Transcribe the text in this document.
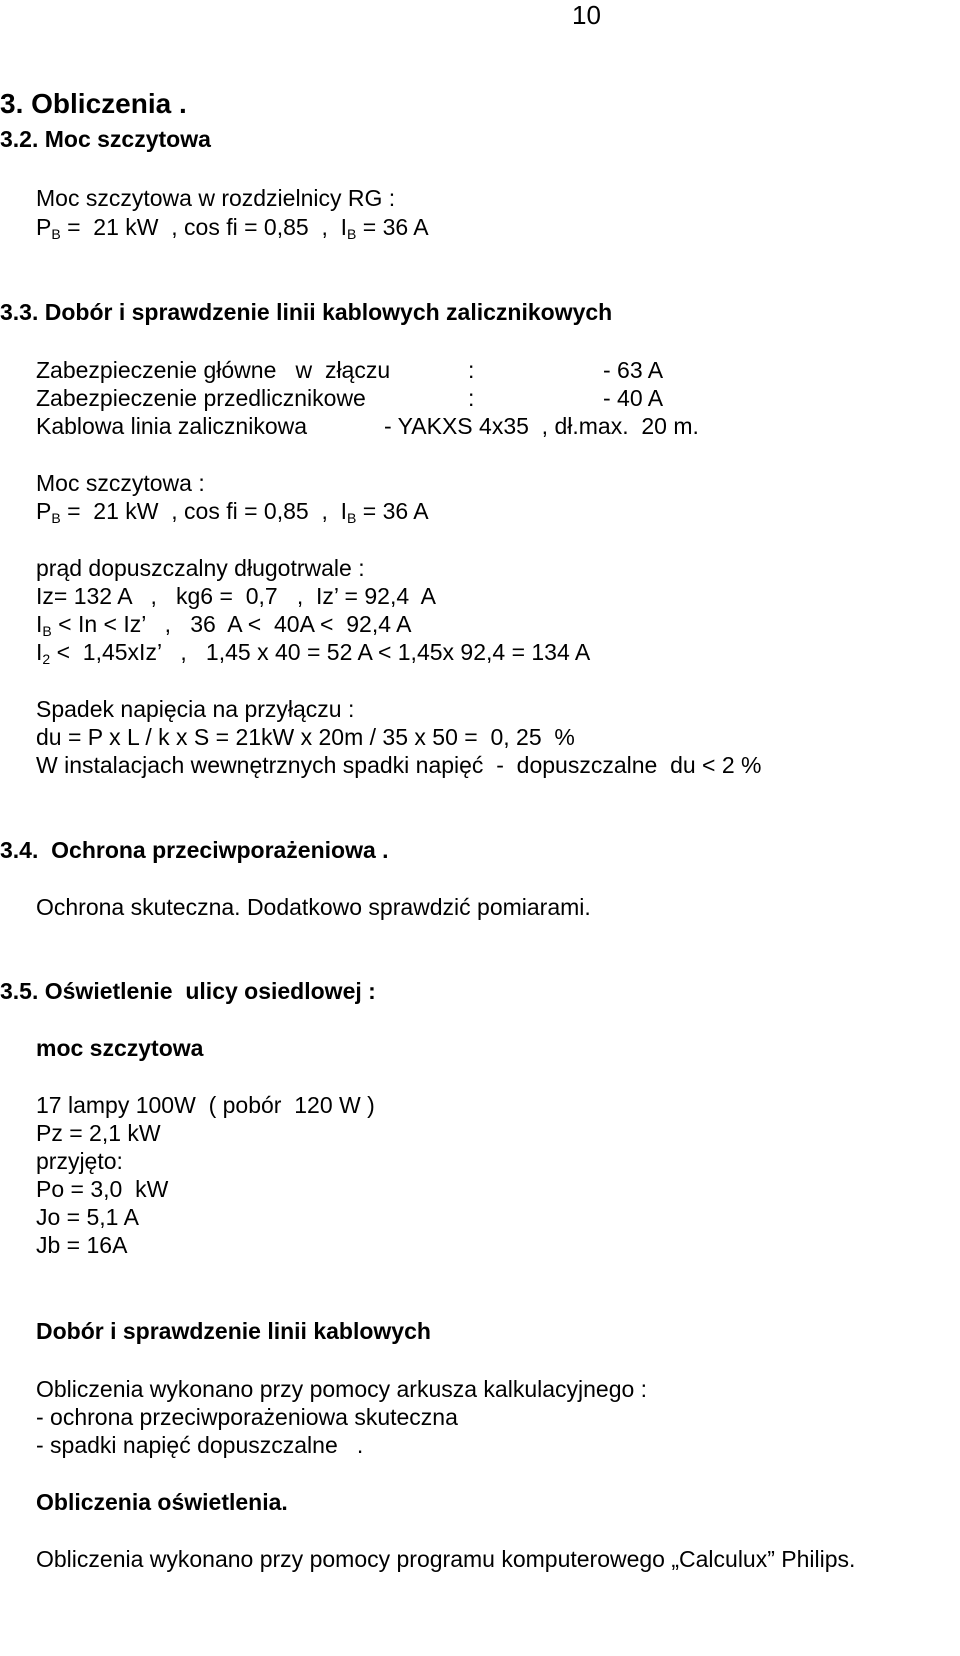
10
3. Obliczenia .
3.2. Moc szczytowa
Moc szczytowa w rozdzielnicy RG :
$P_B = 21$ kW  , cos fi = 0,85  ,  $I_B = 36$ A
3.3. Dobór i sprawdzenie linii kablowych zalicznikowych
Zabezpieczenie główne   w  złączu	:	- 63 A
Zabezpieczenie przedlicznikowe	:	- 40 A
Kablowa linia zalicznikowa	- YAKXS 4x35  , dł.max.  20 m.
Moc szczytowa :
$P_B = 21$ kW  , cos fi = 0,85  ,  $I_B = 36$ A
prąd dopuszczalny długotrwale :
Iz= 132 A   ,   kg6 =  0,7   ,  Iz’ = 92,4  A
$I_B < In < Iz$’   ,   36  A <  40A <  92,4 A
$I_2 < 1,45xIz$’   ,   1,45 x 40 = 52 A < 1,45x 92,4 = 134 A
Spadek napięcia na przyłączu :
du = P x L / k x S = 21kW x 20m / 35 x 50 =  0, 25  %
W instalacjach wewnętrznych spadki napięć  -  dopuszczalne  du < 2 %
3.4.  Ochrona przeciwporażeniowa .
Ochrona skuteczna. Dodatkowo sprawdzić pomiarami.
3.5. Oświetlenie  ulicy osiedlowej :
moc szczytowa
17 lampy 100W  ( pobór  120 W )
Pz = 2,1 kW
przyjęto:
Po = 3,0  kW
Jo = 5,1 A
Jb = 16A
Dobór i sprawdzenie linii kablowych
Obliczenia wykonano przy pomocy arkusza kalkulacyjnego :
- ochrona przeciwporażeniowa skuteczna
- spadki napięć dopuszczalne   .
Obliczenia oświetlenia.
Obliczenia wykonano przy pomocy programu komputerowego „Calculux” Philips.
